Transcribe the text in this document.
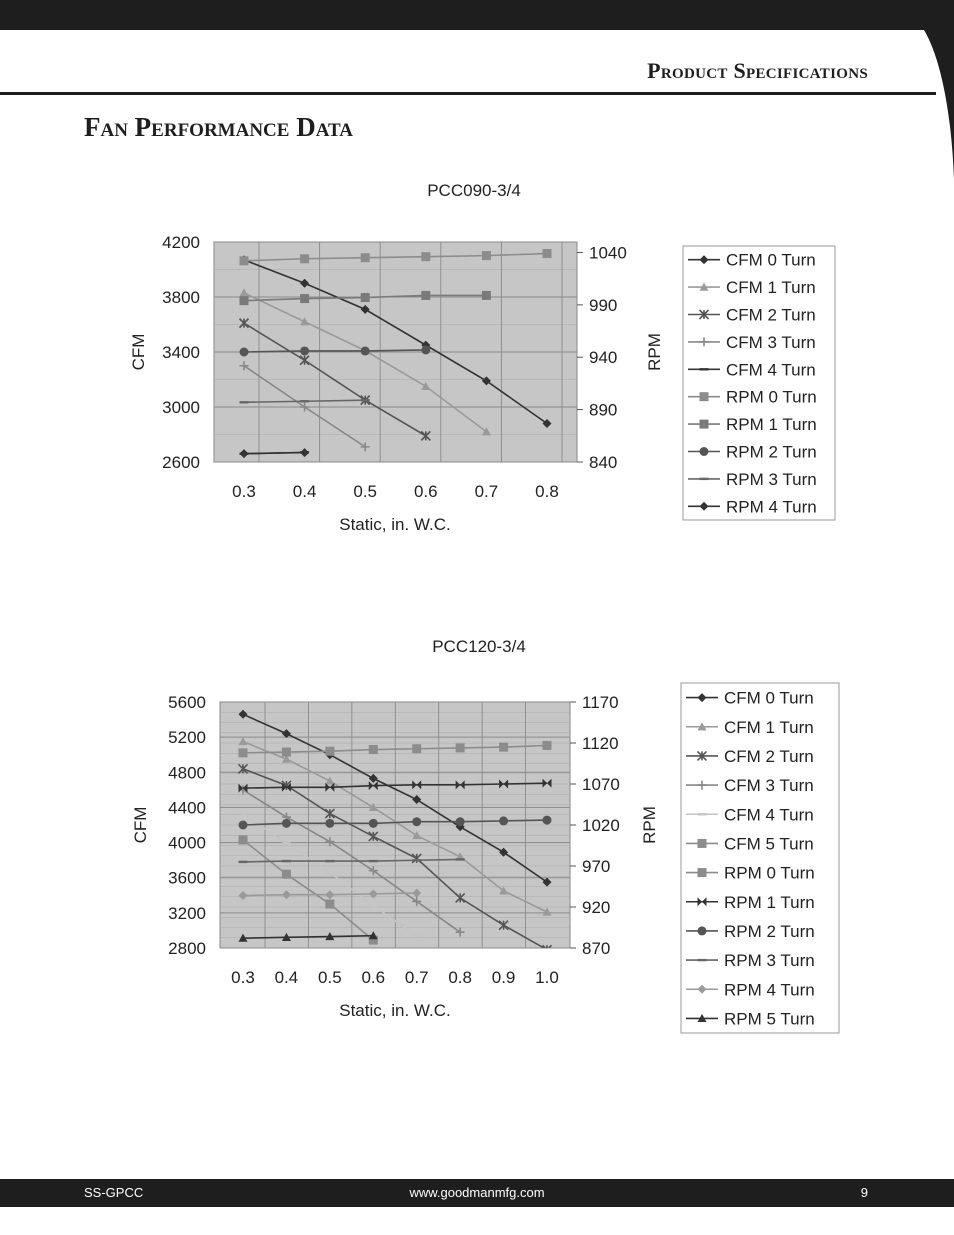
Product Specifications
Fan Performance Data
PCC090-3/4
4200
3800
3400
3000
2600
1040
990
940
890
840
0.3 0.4 0.5 0.6 0.7 0.8
Static, in. W.C.
CFM	RPM
CFM 0 Turn
CFM 1 Turn
CFM 2 Turn
CFM 3 Turn
CFM 4 Turn
RPM 0 Turn
RPM 1 Turn
RPM 2 Turn
RPM 3 Turn
RPM 4 Turn
PCC120-3/4
5600
5200
4800
4400
4000
3600
3200
2800
1170
1120
1070
1020
970
920
870
0.3 0.4 0.5 0.6 0.7 0.8 0.9 1.0
Static, in. W.C.
CFM	RPM
CFM 0 Turn
CFM 1 Turn
CFM 2 Turn
CFM 3 Turn
CFM 4 Turn
CFM 5 Turn
RPM 0 Turn
RPM 1 Turn
RPM 2 Turn
RPM 3 Turn
RPM 4 Turn
RPM 5 Turn
SS-GPCC	www.goodmanmfg.com	9
